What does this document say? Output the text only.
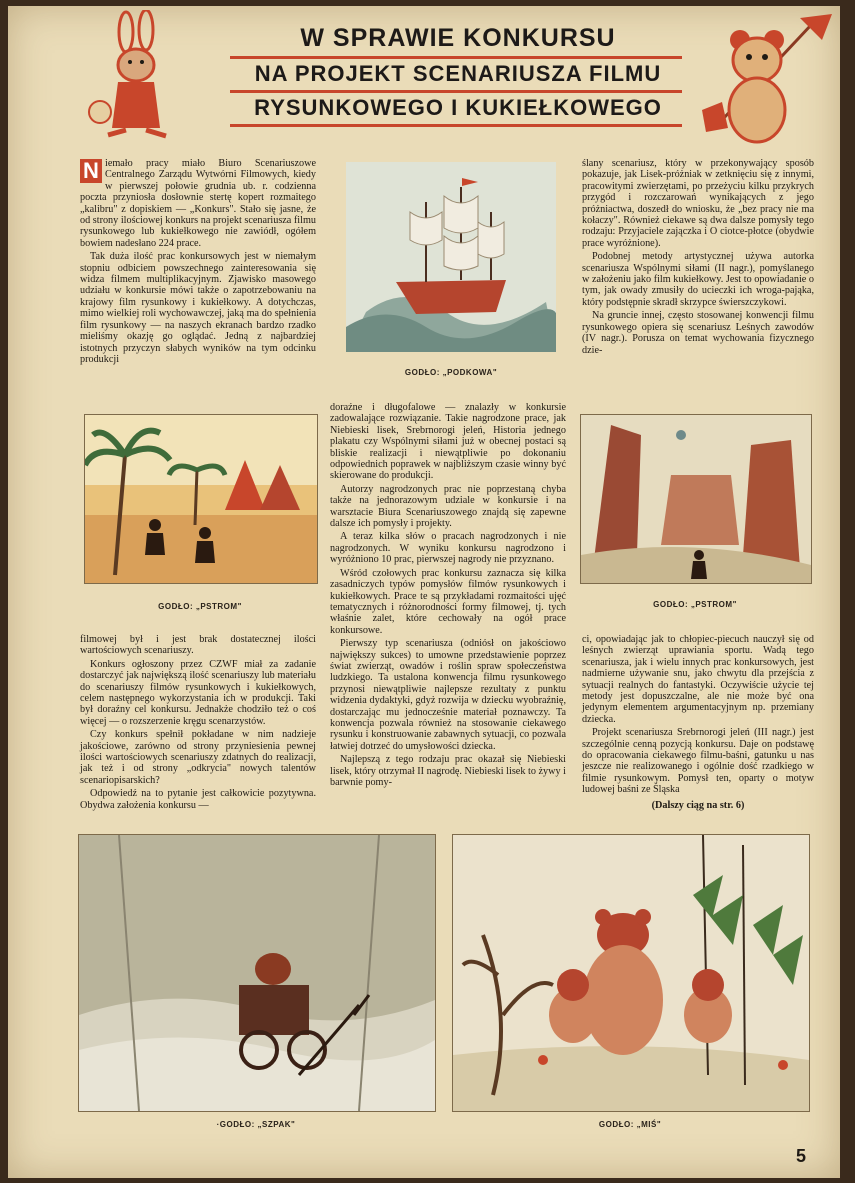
W SPRAWIE KONKURSU
NA PROJEKT SCENARIUSZA FILMU
RYSUNKOWEGO I KUKIEŁKOWEGO

N iemało pracy miało Biuro Scenariuszowe Centralnego Zarządu Wytwórni Filmowych, kiedy w pierwszej połowie grudnia ub. r. codzienna poczta przyniosła dosłownie stertę kopert rozmaitego „kalibru" z dopiskiem — „Konkurs". Stało się jasne, że od strony ilościowej konkurs na projekt scenariusza filmu rysunkowego lub kukiełkowego nie zawiódł, ogółem bowiem nadesłano 224 prace.

Tak duża ilość prac konkursowych jest w niemałym stopniu odbiciem powszechnego zainteresowania się widza filmem multiplikacyjnym. Zjawisko masowego udziału w konkursie mówi także o zapotrzebowaniu na krajowy film rysunkowy i kukiełkowy. A dotychczas, mimo wielkiej roli wychowawczej, jaką ma do spełnienia film rysunkowy — na naszych ekranach bardzo rzadko mieliśmy okazję go oglądać. Jedną z najbardziej istotnych przyczyn słabych wyników na tym odcinku produkcji

GODŁO: „PODKOWA"

ślany scenariusz, który w przekonywający sposób pokazuje, jak Lisek-próżniak w zetknięciu się z innymi, pracowitymi zwierzętami, po przeżyciu kilku przykrych przygód i rozczarowań wynikających z jego próżniactwa, doszedł do wniosku, że „bez pracy nie ma kołaczy". Również ciekawe są dwa dalsze pomysły tego rodzaju: Przyjaciele zajączka i O ciotce-płotce (obydwie prace wyróżnione).

Podobnej metody artystycznej używa autorka scenariusza Wspólnymi siłami (II nagr.), pomyślanego w założeniu jako film kukiełkowy. Jest to opowiadanie o tym, jak owady zmusiły do ucieczki ich wroga-pająka, który podstępnie skradł skrzypce świerszczykowi.

Na gruncie innej, często stosowanej konwencji filmu rysunkowego opiera się scenariusz Leśnych zawodów (IV nagr.). Porusza on temat wychowania fizycznego dzie-

GODŁO: „PSTROM"

doraźne i długofalowe — znalazły w konkursie zadowalające rozwiązanie. Takie nagrodzone prace, jak Niebieski lisek, Srebrnorogi jeleń, Historia jednego plakatu czy Wspólnymi siłami już w obecnej postaci są bliskie realizacji i niewątpliwie po dokonaniu odpowiednich poprawek w najbliższym czasie winny być skierowane do produkcji.

Autorzy nagrodzonych prac nie poprzestaną chyba także na jednorazowym udziale w konkursie i na warsztacie Biura Scenariuszowego znajdą się zapewne dalsze ich pomysły i projekty.

A teraz kilka słów o pracach nagrodzonych i nie nagrodzonych. W wyniku konkursu nagrodzono i wyróżniono 10 prac, pierwszej nagrody nie przyznano.

Wśród czołowych prac konkursu zaznacza się kilka zasadniczych typów pomysłów filmów rysunkowych i kukiełkowych. Prace te są przykładami rozmaitości ujęć tematycznych i różnorodności formy filmowej, tj. tych właśnie zalet, które cechowały na ogół prace konkursowe.

Pierwszy typ scenariusza (odniósł on jakościowo największy sukces) to umowne przedstawienie poprzez świat zwierząt, owadów i roślin spraw społeczeństwa ludzkiego. Ta ustalona konwencja filmu rysunkowego przynosi niewątpliwie najlepsze rezultaty z punktu widzenia dydaktyki, gdyż rozwija w dziecku wyobraźnię, dostarczając mu jednocześnie materiał poznawczy. Ta konwencja pozwala również na stosowanie ciekawego rysunku i konstruowanie zabawnych sytuacji, co pozwala łatwiej dotrzeć do umysłowości dziecka.

Najlepszą z tego rodzaju prac okazał się Niebieski lisek, który otrzymał II nagrodę. Niebieski lisek to żywy i barwnie pomy-

GODŁO: „PSTROM"

filmowej był i jest brak dostatecznej ilości wartościowych scenariuszy.

Konkurs ogłoszony przez CZWF miał za zadanie dostarczyć jak największą ilość scenariuszy lub materiału do scenariuszy filmów rysunkowych i kukiełkowych, celem następnego wykorzystania ich w produkcji. Taki był doraźny cel konkursu. Jednakże chodziło też o coś więcej — o rozszerzenie kręgu scenarzystów.

Czy konkurs spełnił pokładane w nim nadzieje jakościowe, zarówno od strony przyniesienia pewnej ilości wartościowych scenariuszy zdatnych do realizacji, jak też i od strony „odkrycia" nowych talentów scenariopisarskich?

Odpowiedź na to pytanie jest całkowicie pozytywna. Obydwa założenia konkursu —

ci, opowiadając jak to chłopiec-piecuch nauczył się od leśnych zwierząt uprawiania sportu. Wadą tego scenariusza, jak i wielu innych prac konkursowych, jest nadmierne używanie snu, jako chwytu dla przejścia z sytuacji realnych do fantastyki. Oczywiście użycie tej metody jest dopuszczalne, ale nie może być ona jedynym elementem argumentacyjnym np. przemiany dziecka.

Projekt scenariusza Srebrnorogi jeleń (III nagr.) jest szczególnie cenną pozycją konkursu. Daje on podstawę do opracowania ciekawego filmu-baśni, gatunku u nas jeszcze nie realizowanego i ogólnie dość rzadkiego w filmie rysunkowym. Pomysł ten, oparty o motyw ludowej baśni ze Śląska

(Dalszy ciąg na str. 6)

·GODŁO: „SZPAK"	GODŁO: „MIŚ"
5
